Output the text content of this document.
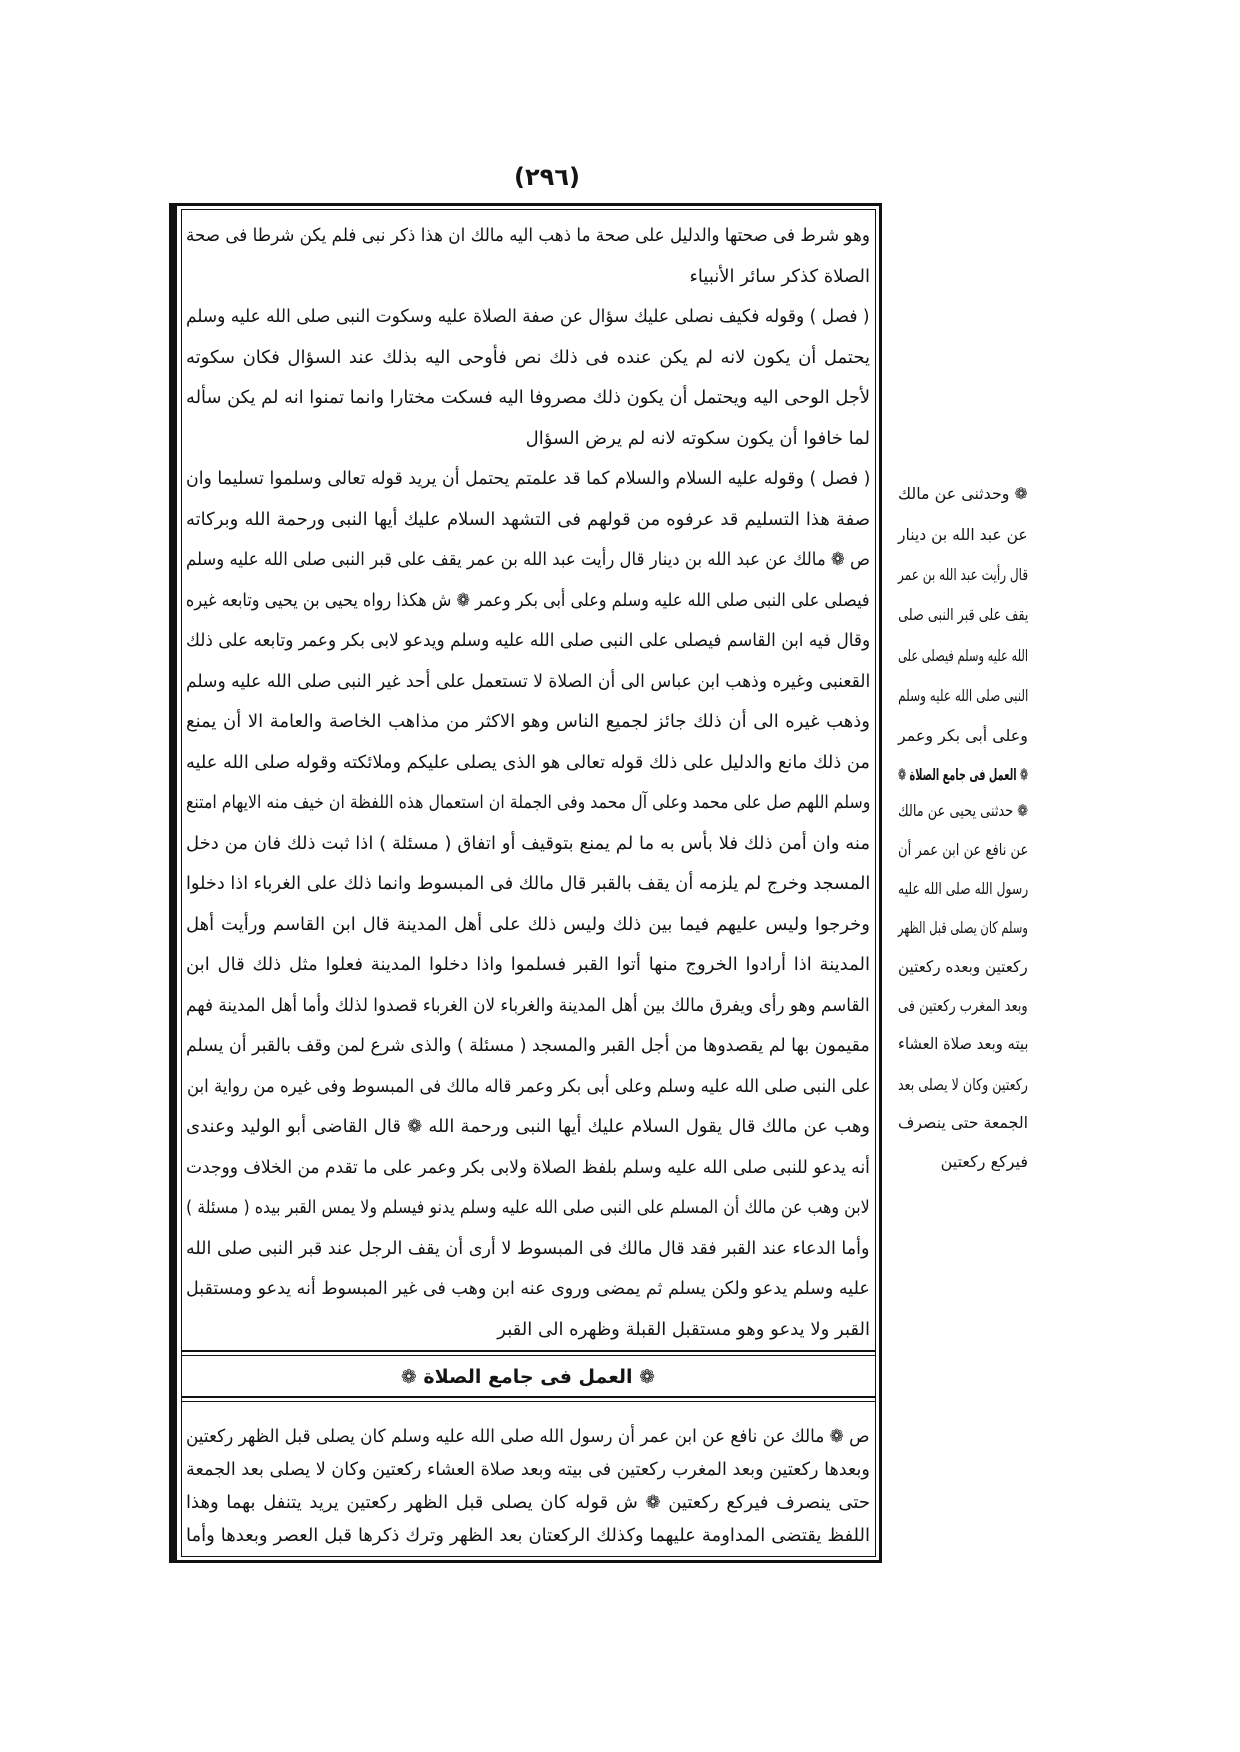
(٢٩٦)
وهو شرط فى صحتها والدليل على صحة ما ذهب اليه مالك ان هذا ذكر نبى فلم يكن شرطا فى صحة
الصلاة كذكر سائر الأنبياء
( فصل ) وقوله فكيف نصلى عليك سؤال عن صفة الصلاة عليه وسكوت النبى صلى الله عليه وسلم
يحتمل أن يكون لانه لم يكن عنده فى ذلك نص فأوحى اليه بذلك عند السؤال فكان سكوته
لأجل الوحى اليه ويحتمل أن يكون ذلك مصروفا اليه فسكت مختارا وانما تمنوا انه لم يكن سأله
لما خافوا أن يكون سكوته لانه لم يرض السؤال
( فصل ) وقوله عليه السلام والسلام كما قد علمتم يحتمل أن يريد قوله تعالى وسلموا تسليما وان
صفة هذا التسليم قد عرفوه من قولهم فى التشهد السلام عليك أيها النبى ورحمة الله وبركاته
ص ❁ مالك عن عبد الله بن دينار قال رأيت عبد الله بن عمر يقف على قبر النبى صلى الله عليه وسلم
فيصلى على النبى صلى الله عليه وسلم وعلى أبى بكر وعمر ❁ ش هكذا رواه يحيى بن يحيى وتابعه غيره
وقال فيه ابن القاسم فيصلى على النبى صلى الله عليه وسلم ويدعو لابى بكر وعمر وتابعه على ذلك
القعنبى وغيره وذهب ابن عباس الى أن الصلاة لا تستعمل على أحد غير النبى صلى الله عليه وسلم
وذهب غيره الى أن ذلك جائز لجميع الناس وهو الاكثر من مذاهب الخاصة والعامة الا أن يمنع
من ذلك مانع والدليل على ذلك قوله تعالى هو الذى يصلى عليكم وملائكته وقوله صلى الله عليه
وسلم اللهم صل على محمد وعلى آل محمد وفى الجملة ان استعمال هذه اللفظة ان خيف منه الايهام امتنع
منه وان أمن ذلك فلا بأس به ما لم يمنع بتوقيف أو اتفاق ( مسئلة ) اذا ثبت ذلك فان من دخل
المسجد وخرج لم يلزمه أن يقف بالقبر قال مالك فى المبسوط وانما ذلك على الغرباء اذا دخلوا
وخرجوا وليس عليهم فيما بين ذلك وليس ذلك على أهل المدينة قال ابن القاسم ورأيت أهل
المدينة اذا أرادوا الخروج منها أتوا القبر فسلموا واذا دخلوا المدينة فعلوا مثل ذلك قال ابن
القاسم وهو رأى ويفرق مالك بين أهل المدينة والغرباء لان الغرباء قصدوا لذلك وأما أهل المدينة فهم
مقيمون بها لم يقصدوها من أجل القبر والمسجد ( مسئلة ) والذى شرع لمن وقف بالقبر أن يسلم
على النبى صلى الله عليه وسلم وعلى أبى بكر وعمر قاله مالك فى المبسوط وفى غيره من رواية ابن
وهب عن مالك قال يقول السلام عليك أيها النبى ورحمة الله ❁ قال القاضى أبو الوليد وعندى
أنه يدعو للنبى صلى الله عليه وسلم بلفظ الصلاة ولابى بكر وعمر على ما تقدم من الخلاف ووجدت
لابن وهب عن مالك أن المسلم على النبى صلى الله عليه وسلم يدنو فيسلم ولا يمس القبر بيده ( مسئلة )
وأما الدعاء عند القبر فقد قال مالك فى المبسوط لا أرى أن يقف الرجل عند قبر النبى صلى الله
عليه وسلم يدعو ولكن يسلم ثم يمضى وروى عنه ابن وهب فى غير المبسوط أنه يدعو ومستقبل
القبر ولا يدعو وهو مستقبل القبلة وظهره الى القبر
❁ العمل فى جامع الصلاة ❁
ص ❁ مالك عن نافع عن ابن عمر أن رسول الله صلى الله عليه وسلم كان يصلى قبل الظهر ركعتين
وبعدها ركعتين وبعد المغرب ركعتين فى بيته وبعد صلاة العشاء ركعتين وكان لا يصلى بعد الجمعة
حتى ينصرف فيركع ركعتين ❁ ش قوله كان يصلى قبل الظهر ركعتين يريد يتنفل بهما وهذا
اللفظ يقتضى المداومة عليهما وكذلك الركعتان بعد الظهر وترك ذكرها قبل العصر وبعدها وأما
❁ وحدثنى عن مالك
عن عبد الله بن دينار
قال رأيت عبد الله بن عمر
يقف على قبر النبى صلى
الله عليه وسلم فيصلى على
النبى صلى الله عليه وسلم
وعلى أبى بكر وعمر
❁ العمل فى جامع الصلاة ❁
❁ حدثنى يحيى عن مالك
عن نافع عن ابن عمر أن
رسول الله صلى الله عليه
وسلم كان يصلى قبل الظهر
ركعتين وبعده ركعتين
وبعد المغرب ركعتين فى
بيته وبعد صلاة العشاء
ركعتين وكان لا يصلى بعد
الجمعة حتى ينصرف
فيركع ركعتين
